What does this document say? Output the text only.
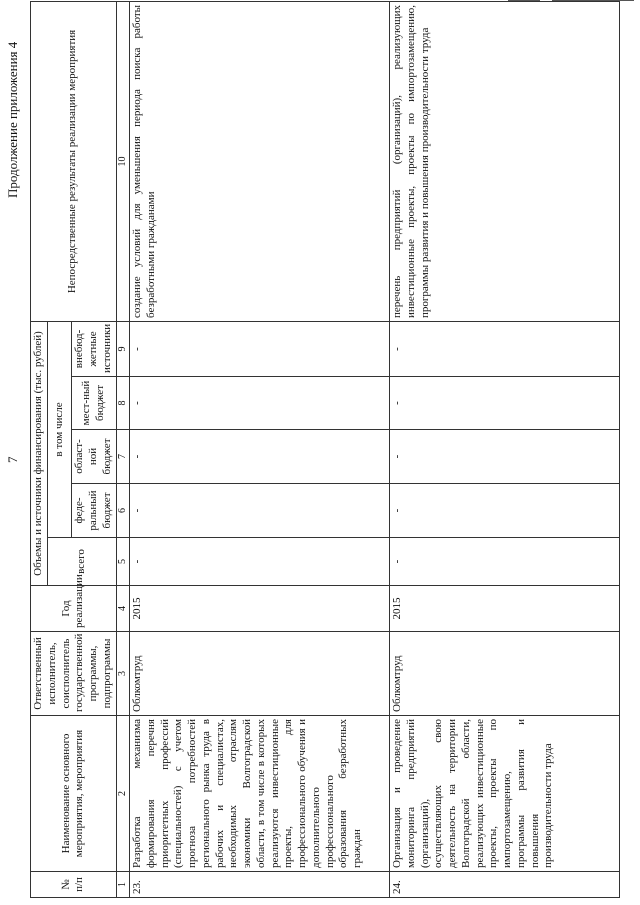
7
Продолжение приложения 4
№ п/п	Наименование основного мероприятия, мероприятия	Ответственный исполнитель, соисполнитель государственной программы, подпрограммы	Год реализации	Объемы и источники финансирования (тыс. рублей)					Непосредственные результаты реализации мероприятия
				всего	в том числе				
					феде-ральный бюджет	област-ной бюджет	мест-ный бюджет	внебюд-жетные источники	
1	2	3	4	5	6	7	8	9	10
23.	Разработка механизма формирования перечня приоритетных профессий (специальностей) с учетом прогноза потребностей регионального рынка труда в рабочих и специалистах, необходимых отраслям экономики Волгоградской области, в том числе в которых реализуются инвестиционные проекты, для профессионального обучения и дополнительного профессионального образования безработных граждан	Облкомтруд	2015	-	-	-	-	-	создание условий для уменьшения периода поиска работы безработными гражданами
24.	Организация и проведение мониторинга предприятий (организаций), осуществляющих свою деятельность на территории Волгоградской области, реализующих инвестиционные проекты, проекты по импортозамещению, программы развития и повышения производительности труда	Облкомтруд	2015	-	-	-	-	-	перечень предприятий (организаций), реализующих инвестиционные проекты, проекты по импортозамещению, программы развития и повышения производительности труда
